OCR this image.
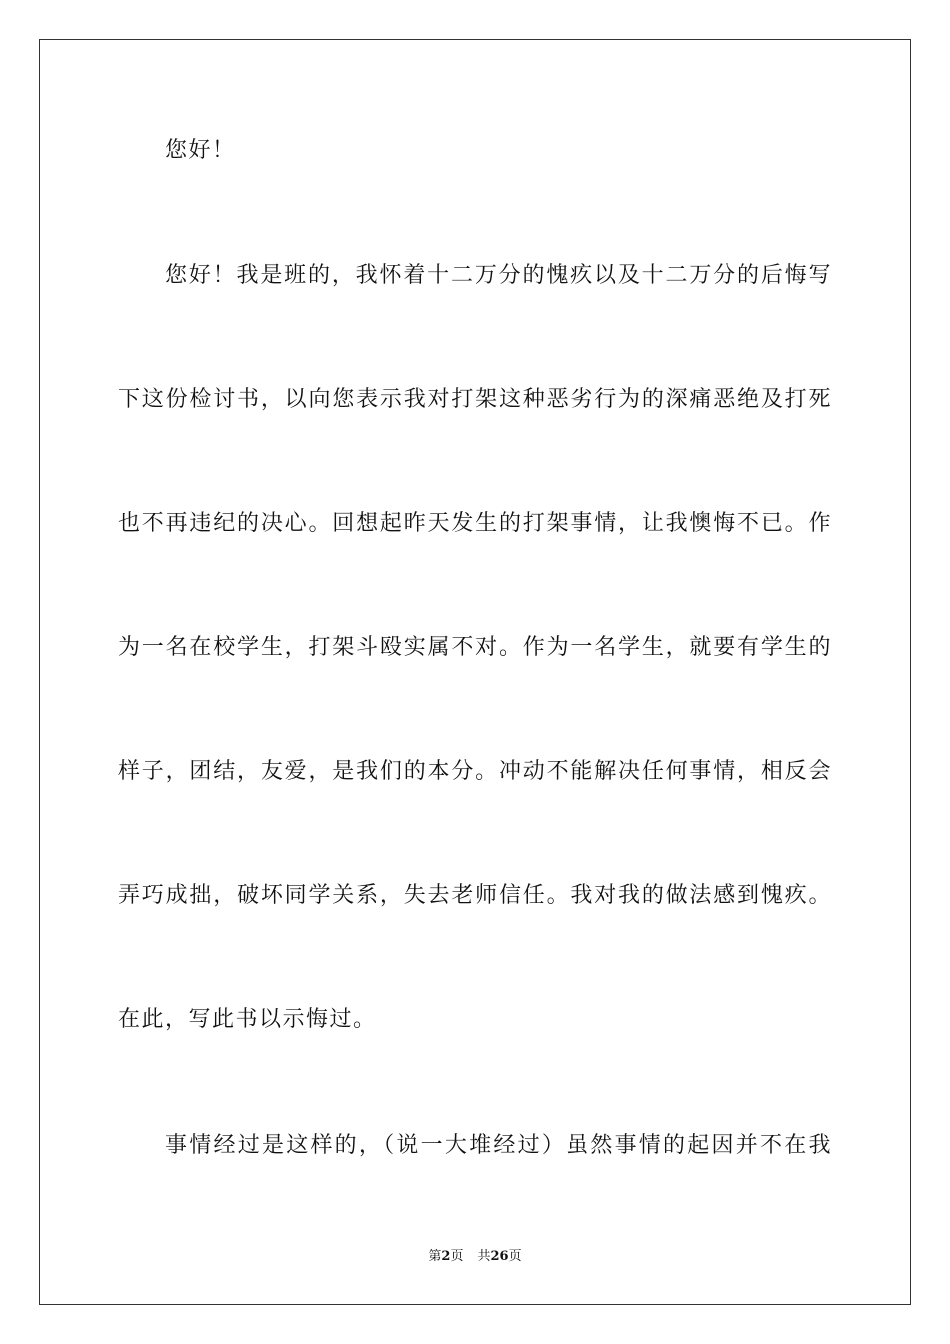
您好！
您好！我是班的，我怀着十二万分的愧疚以及十二万分的后悔写
下这份检讨书，以向您表示我对打架这种恶劣行为的深痛恶绝及打死
也不再违纪的决心。回想起昨天发生的打架事情，让我懊悔不已。作
为一名在校学生，打架斗殴实属不对。作为一名学生，就要有学生的
样子，团结，友爱，是我们的本分。冲动不能解决任何事情，相反会
弄巧成拙，破坏同学关系，失去老师信任。我对我的做法感到愧疚。
在此，写此书以示悔过。
事情经过是这样的，（说一大堆经过）虽然事情的起因并不在我
第2页 共26页
